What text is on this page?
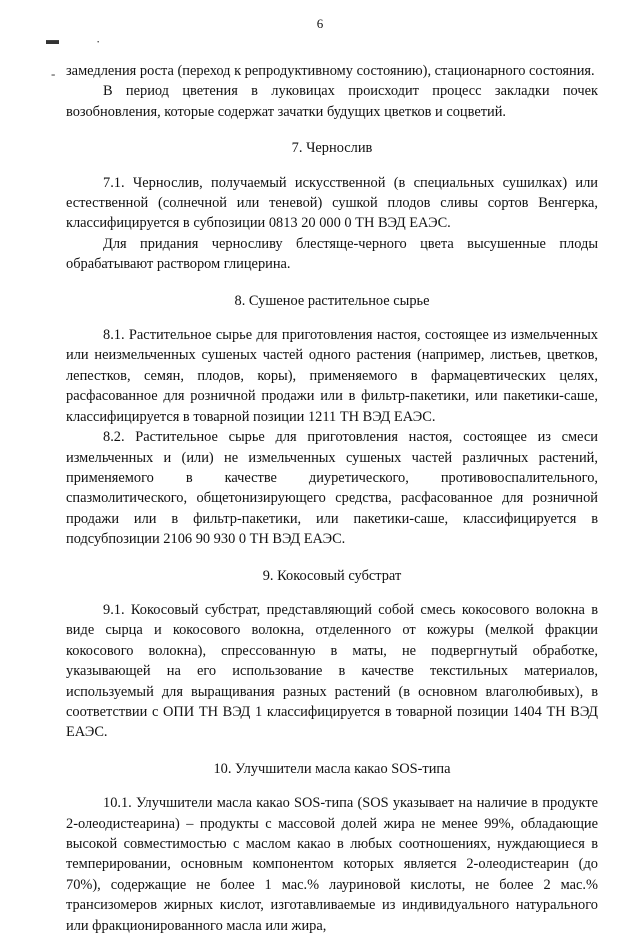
6
▬	·
- замедления роста (переход к репродуктивному состоянию), стационарного состояния.

В период цветения в луковицах происходит процесс закладки почек возобновления, которые содержат зачатки будущих цветков и соцветий.

7. Чернослив

7.1. Чернослив, получаемый искусственной (в специальных сушилках) или естественной (солнечной или теневой) сушкой плодов сливы сортов Венгерка, классифицируется в субпозиции 0813 20 000 0 ТН ВЭД ЕАЭС.

Для придания черносливу блестяще-черного цвета высушенные плоды обрабатывают раствором глицерина.

8. Сушеное растительное сырье

8.1. Растительное сырье для приготовления настоя, состоящее из измельченных или неизмельченных сушеных частей одного растения (например, листьев, цветков, лепестков, семян, плодов, коры), применяемого в фармацевтических целях, расфасованное для розничной продажи или в фильтр-пакетики, или пакетики-саше, классифицируется в товарной позиции 1211 ТН ВЭД ЕАЭС.

8.2. Растительное сырье для приготовления настоя, состоящее из смеси измельченных и (или) не измельченных сушеных частей различных растений, применяемого в качестве диуретического, противовоспалительного, спазмолитического, общетонизирующего средства, расфасованное для розничной продажи или в фильтр-пакетики, или пакетики-саше, классифицируется в подсубпозиции 2106 90 930 0 ТН ВЭД ЕАЭС.

9. Кокосовый субстрат

9.1. Кокосовый субстрат, представляющий собой смесь кокосового волокна в виде сырца и кокосового волокна, отделенного от кожуры (мелкой фракции кокосового волокна), спрессованную в маты, не подвергнутый обработке, указывающей на его использование в качестве текстильных материалов, используемый для выращивания разных растений (в основном влаголюбивых), в соответствии с ОПИ ТН ВЭД 1 классифицируется в товарной позиции 1404 ТН ВЭД ЕАЭС.

10. Улучшители масла какао SOS-типа

10.1. Улучшители масла какао SOS-типа (SOS указывает на наличие в продукте 2-олеодистеарина) – продукты с массовой долей жира не менее 99%, обладающие высокой совместимостью с маслом какао в любых соотношениях, нуждающиеся в темперировании, основным компонентом которых является 2-олеодистеарин (до 70%), содержащие не более 1 мас.% лауриновой кислоты, не более 2 мас.% трансизомеров жирных кислот, изготавливаемые из индивидуального натурального или фракционированного масла или жира,
